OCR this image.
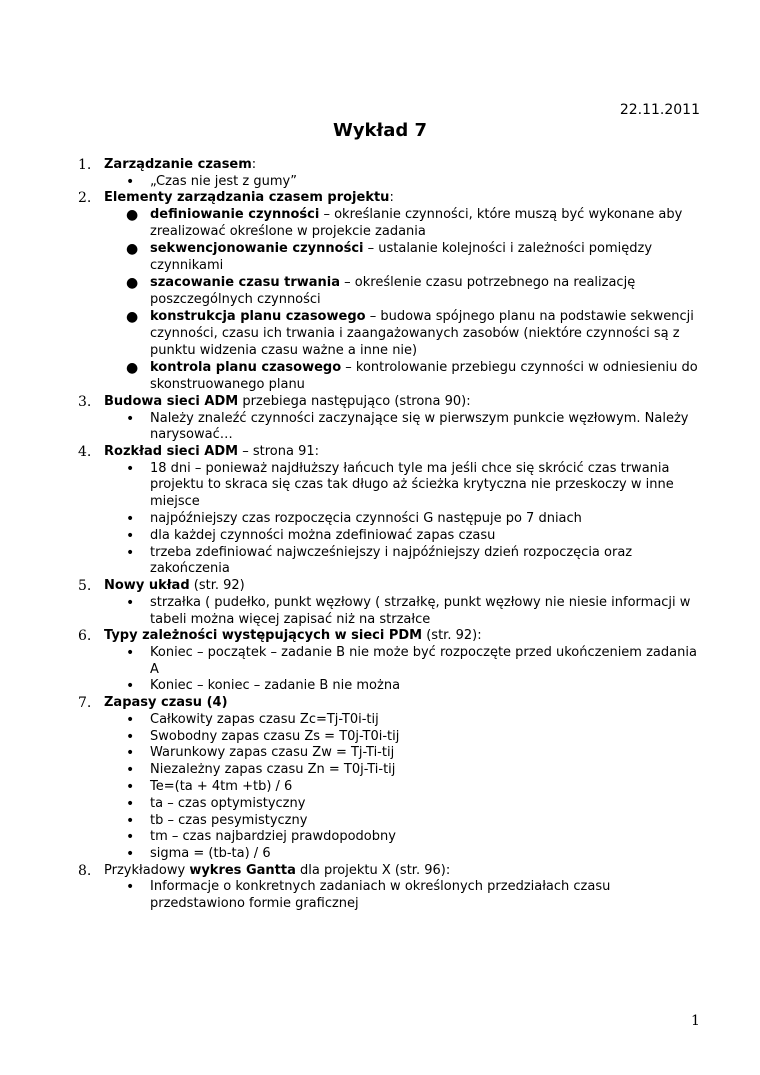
22.11.2011
Wykład 7
1. Zarządzanie czasem:
• „Czas nie jest z gumy”
2. Elementy zarządzania czasem projektu:
● definiowanie czynności – określanie czynności, które muszą być wykonane aby zrealizować określone w projekcie zadania
● sekwencjonowanie czynności – ustalanie kolejności i zależności pomiędzy czynnikami
● szacowanie czasu trwania – określenie czasu potrzebnego na realizację poszczególnych czynności
● konstrukcja planu czasowego – budowa spójnego planu na podstawie sekwencji czynności, czasu ich trwania i zaangażowanych zasobów (niektóre czynności są z punktu widzenia czasu ważne a inne nie)
● kontrola planu czasowego – kontrolowanie przebiegu czynności w odniesieniu do skonstruowanego planu
3. Budowa sieci ADM przebiega następująco (strona 90):
• Należy znaleźć czynności zaczynające się w pierwszym punkcie węzłowym. Należy narysować…
4. Rozkład sieci ADM – strona 91:
• 18 dni – ponieważ najdłuższy łańcuch tyle ma jeśli chce się skrócić czas trwania projektu to skraca się czas tak długo aż ścieżka krytyczna nie przeskoczy w inne miejsce
• najpóźniejszy czas rozpoczęcia czynności G następuje po 7 dniach
• dla każdej czynności można zdefiniować zapas czasu
• trzeba zdefiniować najwcześniejszy i najpóźniejszy dzień rozpoczęcia oraz zakończenia
5. Nowy układ (str. 92)
• strzałka ( pudełko, punkt węzłowy ( strzałkę, punkt węzłowy nie niesie informacji w tabeli można więcej zapisać niż na strzałce
6. Typy zależności występujących w sieci PDM (str. 92):
• Koniec – początek – zadanie B nie może być rozpoczęte przed ukończeniem zadania A
• Koniec – koniec – zadanie B nie można
7. Zapasy czasu (4)
• Całkowity zapas czasu Zc=Tj-T0i-tij
• Swobodny zapas czasu Zs = T0j-T0i-tij
• Warunkowy zapas czasu Zw = Tj-Ti-tij
• Niezależny zapas czasu Zn = T0j-Ti-tij
• Te=(ta + 4tm +tb) / 6
• ta – czas optymistyczny
• tb – czas pesymistyczny
• tm – czas najbardziej prawdopodobny
• sigma = (tb-ta) / 6
8. Przykładowy wykres Gantta dla projektu X (str. 96):
• Informacje o konkretnych zadaniach w określonych przedziałach czasu przedstawiono formie graficznej
1
